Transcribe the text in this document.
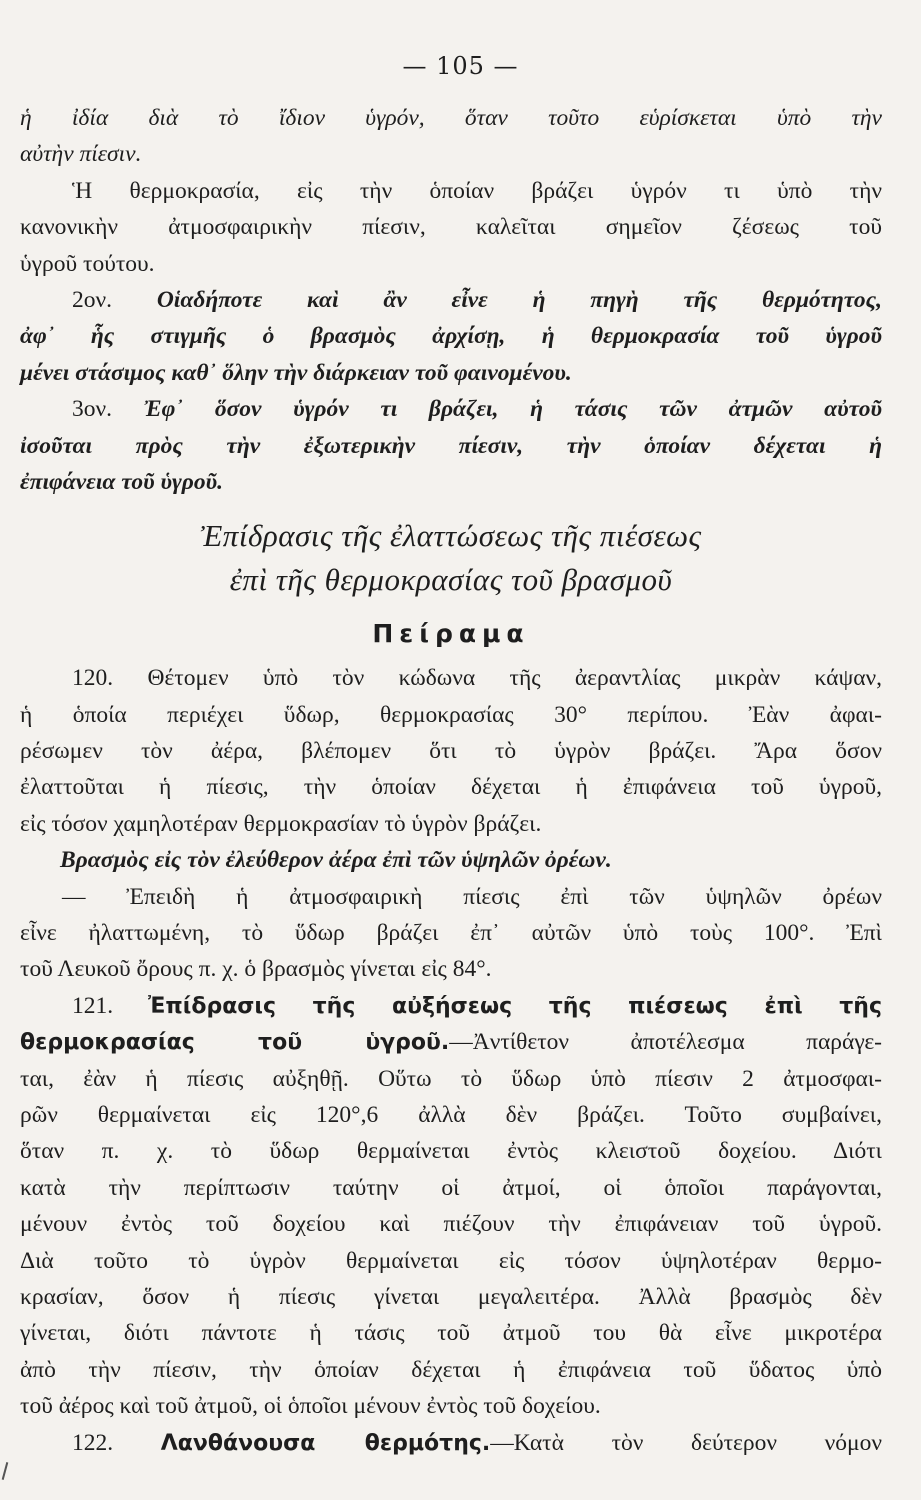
— 105 —
ἡ ἰδία διὰ τὸ ἴδιον ὑγρόν, ὅταν τοῦτο εὑρίσκεται ὑπὸ τὴν
αὐτὴν πίεσιν.
Ἡ θερμοκρασία, εἰς τὴν ὁποίαν βράζει ὑγρόν τι ὑπὸ τὴν
κανονικὴν ἀτμοσφαιρικὴν πίεσιν, καλεῖται σημεῖον ζέσεως τοῦ
ὑγροῦ τούτου.
2ον. Οἱαδήποτε καὶ ἂν εἶνε ἡ πηγὴ τῆς θερμότητος,
ἀφ᾽ ἧς στιγμῆς ὁ βρασμὸς ἀρχίσῃ, ἡ θερμοκρασία τοῦ ὑγροῦ
μένει στάσιμος καθ᾽ ὅλην τὴν διάρκειαν τοῦ φαινομένου.
3ον. Ἐφ᾽ ὅσον ὑγρόν τι βράζει, ἡ τάσις τῶν ἀτμῶν αὐτοῦ
ἰσοῦται πρὸς τὴν ἐξωτερικὴν πίεσιν, τὴν ὁποίαν δέχεται ἡ
ἐπιφάνεια τοῦ ὑγροῦ.
Ἐπίδρασις τῆς ἐλαττώσεως τῆς πιέσεως
ἐπὶ τῆς θερμοκρασίας τοῦ βρασμοῦ
Πείραμα
120. Θέτομεν ὑπὸ τὸν κώδωνα τῆς ἀεραντλίας μικρὰν κάψαν,
ἡ ὁποία περιέχει ὕδωρ, θερμοκρασίας 30° περίπου. Ἐὰν ἀφαι-
ρέσωμεν τὸν ἀέρα, βλέπομεν ὅτι τὸ ὑγρὸν βράζει. Ἄρα ὅσον
ἐλαττοῦται ἡ πίεσις, τὴν ὁποίαν δέχεται ἡ ἐπιφάνεια τοῦ ὑγροῦ,
εἰς τόσον χαμηλοτέραν θερμοκρασίαν τὸ ὑγρὸν βράζει.
Βρασμὸς εἰς τὸν ἐλεύθερον ἀέρα ἐπὶ τῶν ὑψηλῶν ὀρέων.
— Ἐπειδὴ ἡ ἀτμοσφαιρικὴ πίεσις ἐπὶ τῶν ὑψηλῶν ὀρέων
εἶνε ἠλαττωμένη, τὸ ὕδωρ βράζει ἐπ᾽ αὐτῶν ὑπὸ τοὺς 100°. Ἐπὶ
τοῦ Λευκοῦ ὄρους π. χ. ὁ βρασμὸς γίνεται εἰς 84°.
121. Ἐπίδρασις τῆς αὐξήσεως τῆς πιέσεως ἐπὶ τῆς
θερμοκρασίας τοῦ ὑγροῦ.—Ἀντίθετον ἀποτέλεσμα παράγε-
ται, ἐὰν ἡ πίεσις αὐξηθῇ. Οὕτω τὸ ὕδωρ ὑπὸ πίεσιν 2 ἀτμοσφαι-
ρῶν θερμαίνεται εἰς 120°,6 ἀλλὰ δὲν βράζει. Τοῦτο συμβαίνει,
ὅταν π. χ. τὸ ὕδωρ θερμαίνεται ἐντὸς κλειστοῦ δοχείου. Διότι
κατὰ τὴν περίπτωσιν ταύτην οἱ ἀτμοί, οἱ ὁποῖοι παράγονται,
μένουν ἐντὸς τοῦ δοχείου καὶ πιέζουν τὴν ἐπιφάνειαν τοῦ ὑγροῦ.
Διὰ τοῦτο τὸ ὑγρὸν θερμαίνεται εἰς τόσον ὑψηλοτέραν θερμο-
κρασίαν, ὅσον ἡ πίεσις γίνεται μεγαλειτέρα. Ἀλλὰ βρασμὸς δὲν
γίνεται, διότι πάντοτε ἡ τάσις τοῦ ἀτμοῦ του θὰ εἶνε μικροτέρα
ἀπὸ τὴν πίεσιν, τὴν ὁποίαν δέχεται ἡ ἐπιφάνεια τοῦ ὕδατος ὑπὸ
τοῦ ἀέρος καὶ τοῦ ἀτμοῦ, οἱ ὁποῖοι μένουν ἐντὸς τοῦ δοχείου.
122. Λανθάνουσα θερμότης.—Κατὰ τὸν δεύτερον νόμον
